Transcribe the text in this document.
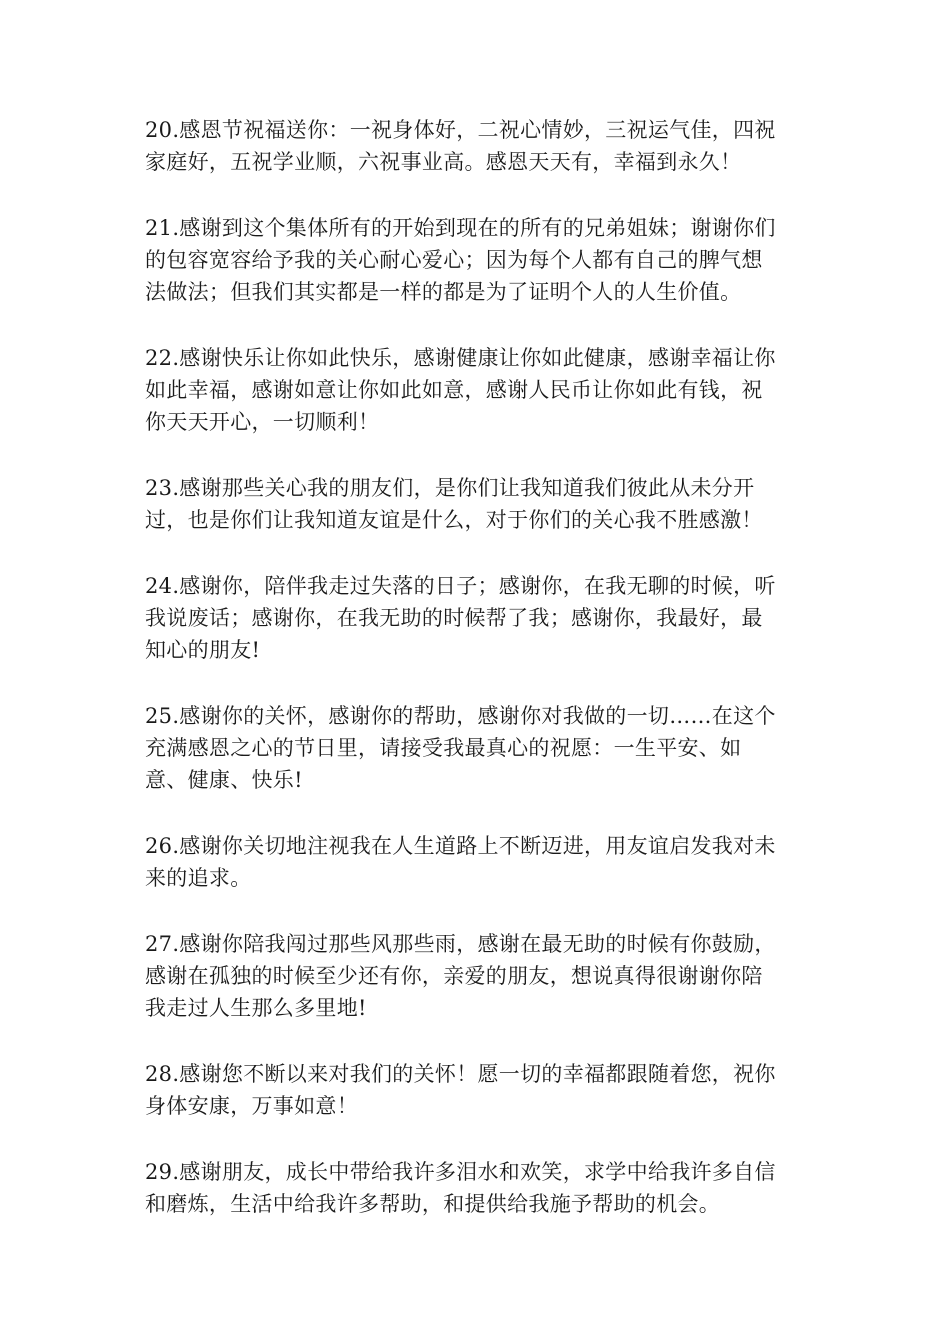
20.感恩节祝福送你：一祝身体好，二祝心情妙，三祝运气佳，四祝
家庭好，五祝学业顺，六祝事业高。感恩天天有，幸福到永久！

21.感谢到这个集体所有的开始到现在的所有的兄弟姐妹；谢谢你们
的包容宽容给予我的关心耐心爱心；因为每个人都有自己的脾气想
法做法；但我们其实都是一样的都是为了证明个人的人生价值。

22.感谢快乐让你如此快乐，感谢健康让你如此健康，感谢幸福让你
如此幸福，感谢如意让你如此如意，感谢人民币让你如此有钱，祝
你天天开心，一切顺利！

23.感谢那些关心我的朋友们，是你们让我知道我们彼此从未分开
过，也是你们让我知道友谊是什么，对于你们的关心我不胜感激！

24.感谢你，陪伴我走过失落的日子；感谢你，在我无聊的时候，听
我说废话；感谢你，在我无助的时候帮了我；感谢你，我最好，最
知心的朋友!

25.感谢你的关怀，感谢你的帮助，感谢你对我做的一切……在这个
充满感恩之心的节日里，请接受我最真心的祝愿：一生平安、如
意、健康、快乐!

26.感谢你关切地注视我在人生道路上不断迈进，用友谊启发我对未
来的追求。

27.感谢你陪我闯过那些风那些雨，感谢在最无助的时候有你鼓励，
感谢在孤独的时候至少还有你，亲爱的朋友，想说真得很谢谢你陪
我走过人生那么多里地!

28.感谢您不断以来对我们的关怀！愿一切的幸福都跟随着您，祝你
身体安康，万事如意！

29.感谢朋友，成长中带给我许多泪水和欢笑，求学中给我许多自信
和磨炼，生活中给我许多帮助，和提供给我施予帮助的机会。
